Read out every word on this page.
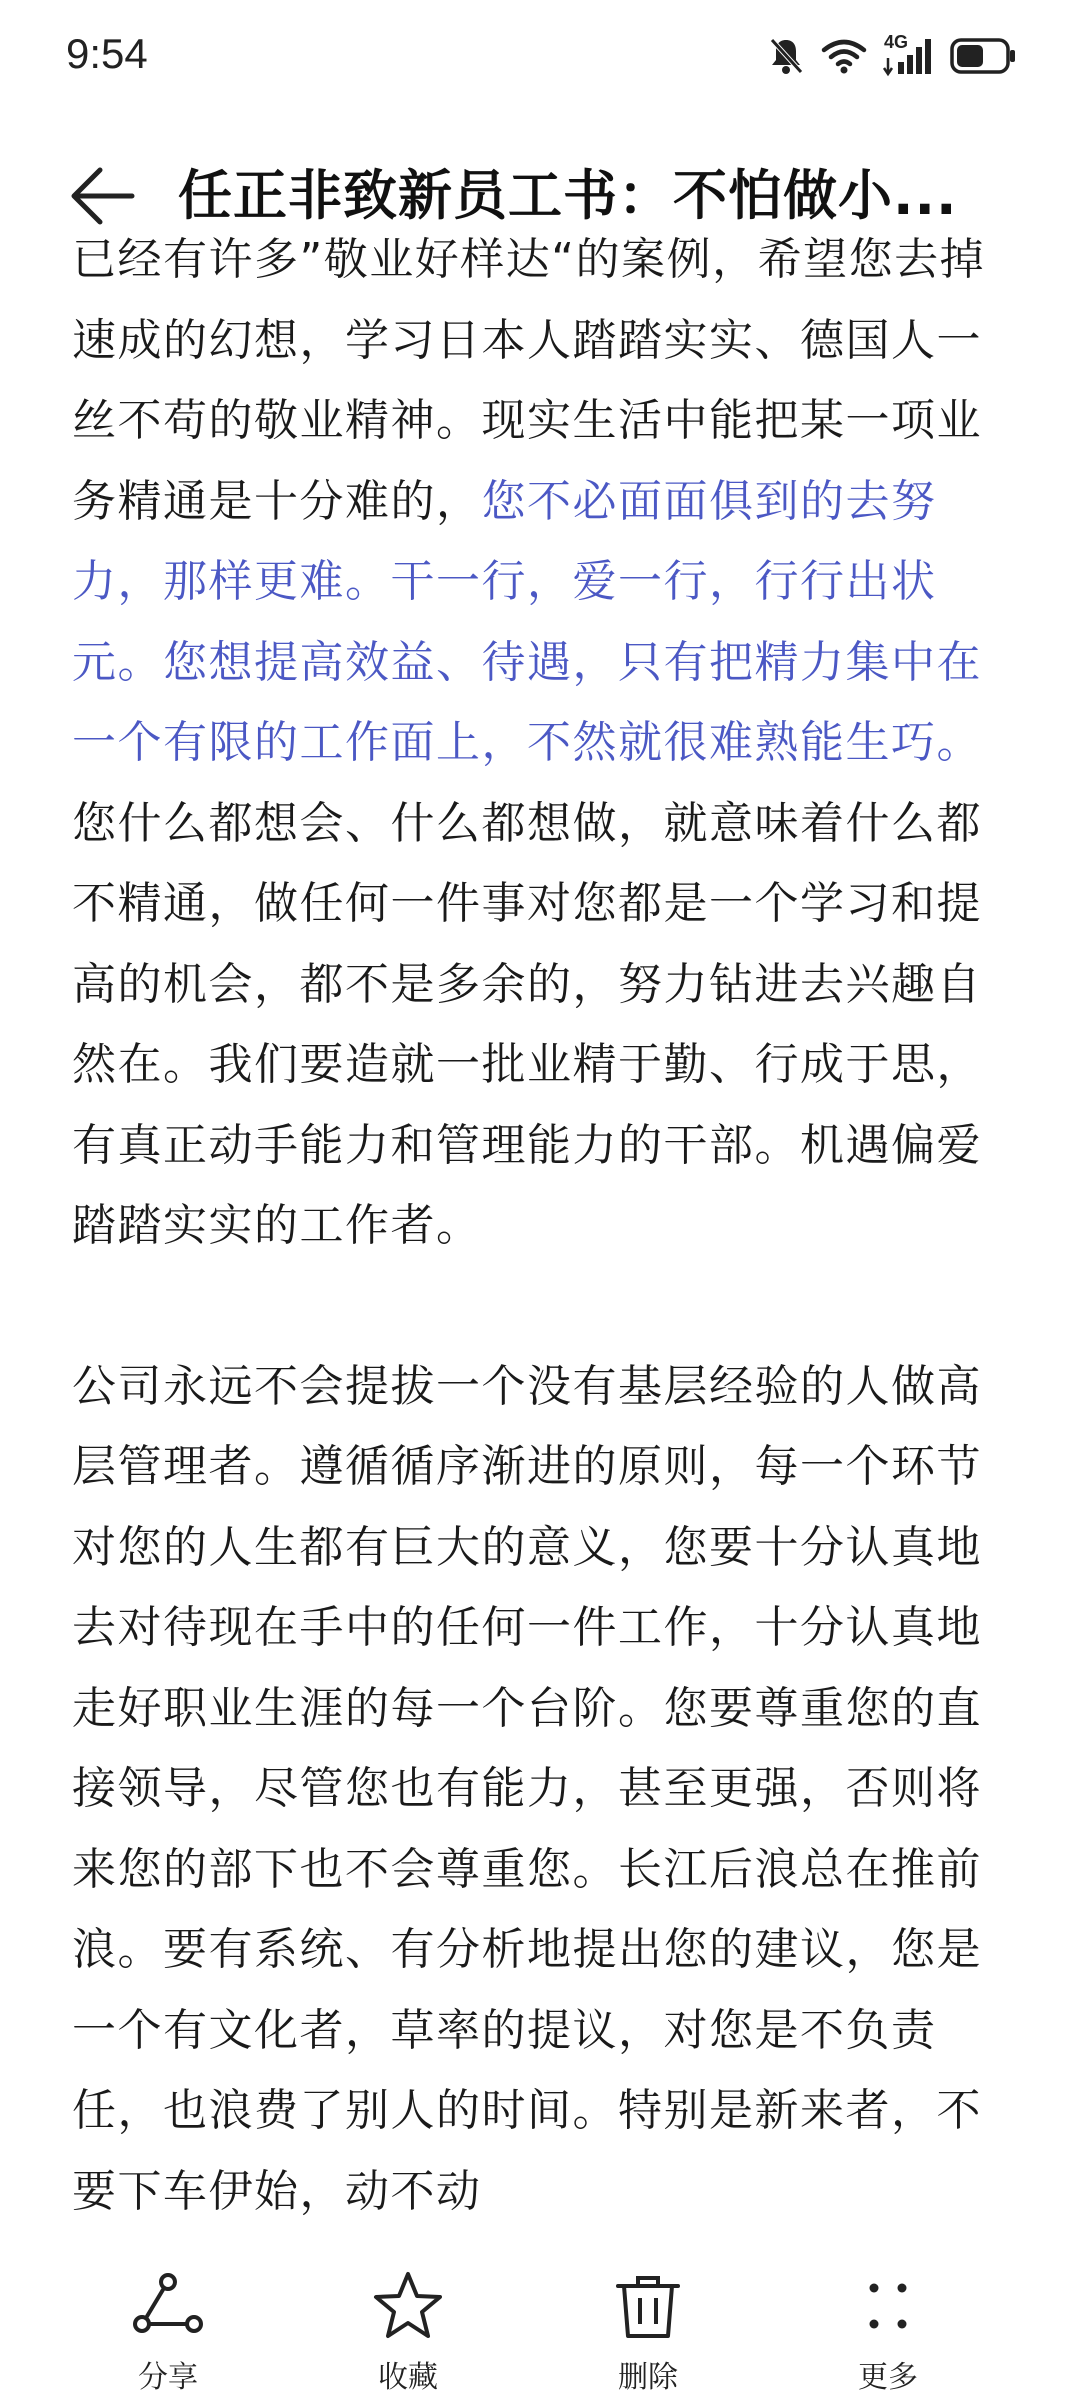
9:54	4G
任正非致新员工书：不怕做小...

已经有许多”敬业好样达“的案例，希望您去掉速成的幻想，学习日本人踏踏实实、德国人一丝不苟的敬业精神。现实生活中能把某一项业务精通是十分难的，您不必面面俱到的去努力，那样更难。干一行，爱一行，行行出状元。您想提高效益、待遇，只有把精力集中在一个有限的工作面上，不然就很难熟能生巧。您什么都想会、什么都想做，就意味着什么都不精通，做任何一件事对您都是一个学习和提高的机会，都不是多余的，努力钻进去兴趣自然在。我们要造就一批业精于勤、行成于思，有真正动手能力和管理能力的干部。机遇偏爱踏踏实实的工作者。

公司永远不会提拔一个没有基层经验的人做高层管理者。遵循循序渐进的原则，每一个环节对您的人生都有巨大的意义，您要十分认真地去对待现在手中的任何一件工作，十分认真地走好职业生涯的每一个台阶。您要尊重您的直接领导，尽管您也有能力，甚至更强，否则将来您的部下也不会尊重您。长江后浪总在推前浪。要有系统、有分析地提出您的建议，您是一个有文化者，草率的提议，对您是不负责任，也浪费了别人的时间。特别是新来者，不要下车伊始，动不动

分享	收藏	删除	更多
